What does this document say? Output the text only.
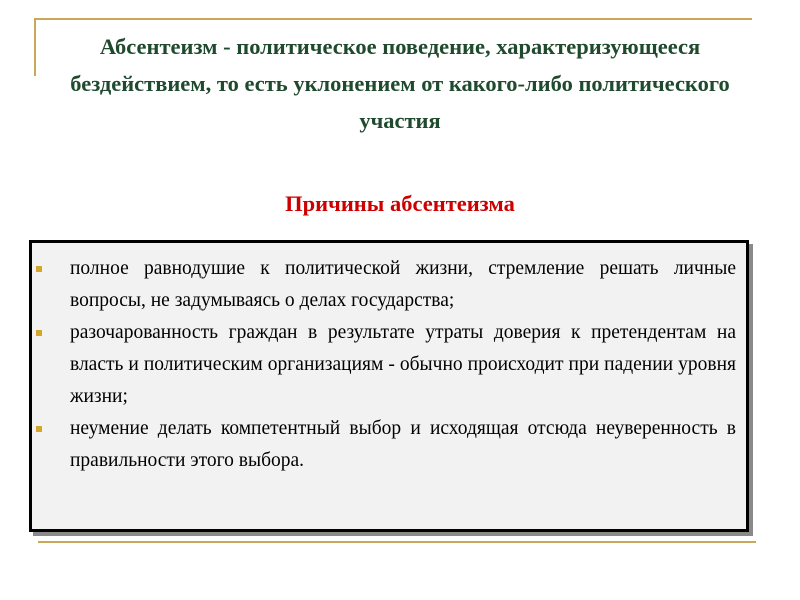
Абсентеизм - политическое поведение, характеризующееся бездействием, то есть уклонением от какого-либо политического участия
Причины абсентеизма
полное равнодушие к политической жизни, стремление решать личные вопросы, не задумываясь о делах государства;
разочарованность граждан в результате утраты доверия к претендентам на власть и политическим организациям - обычно происходит при падении уровня жизни;
неумение делать компетентный выбор и исходящая отсюда неуверенность в правильности этого выбора.
